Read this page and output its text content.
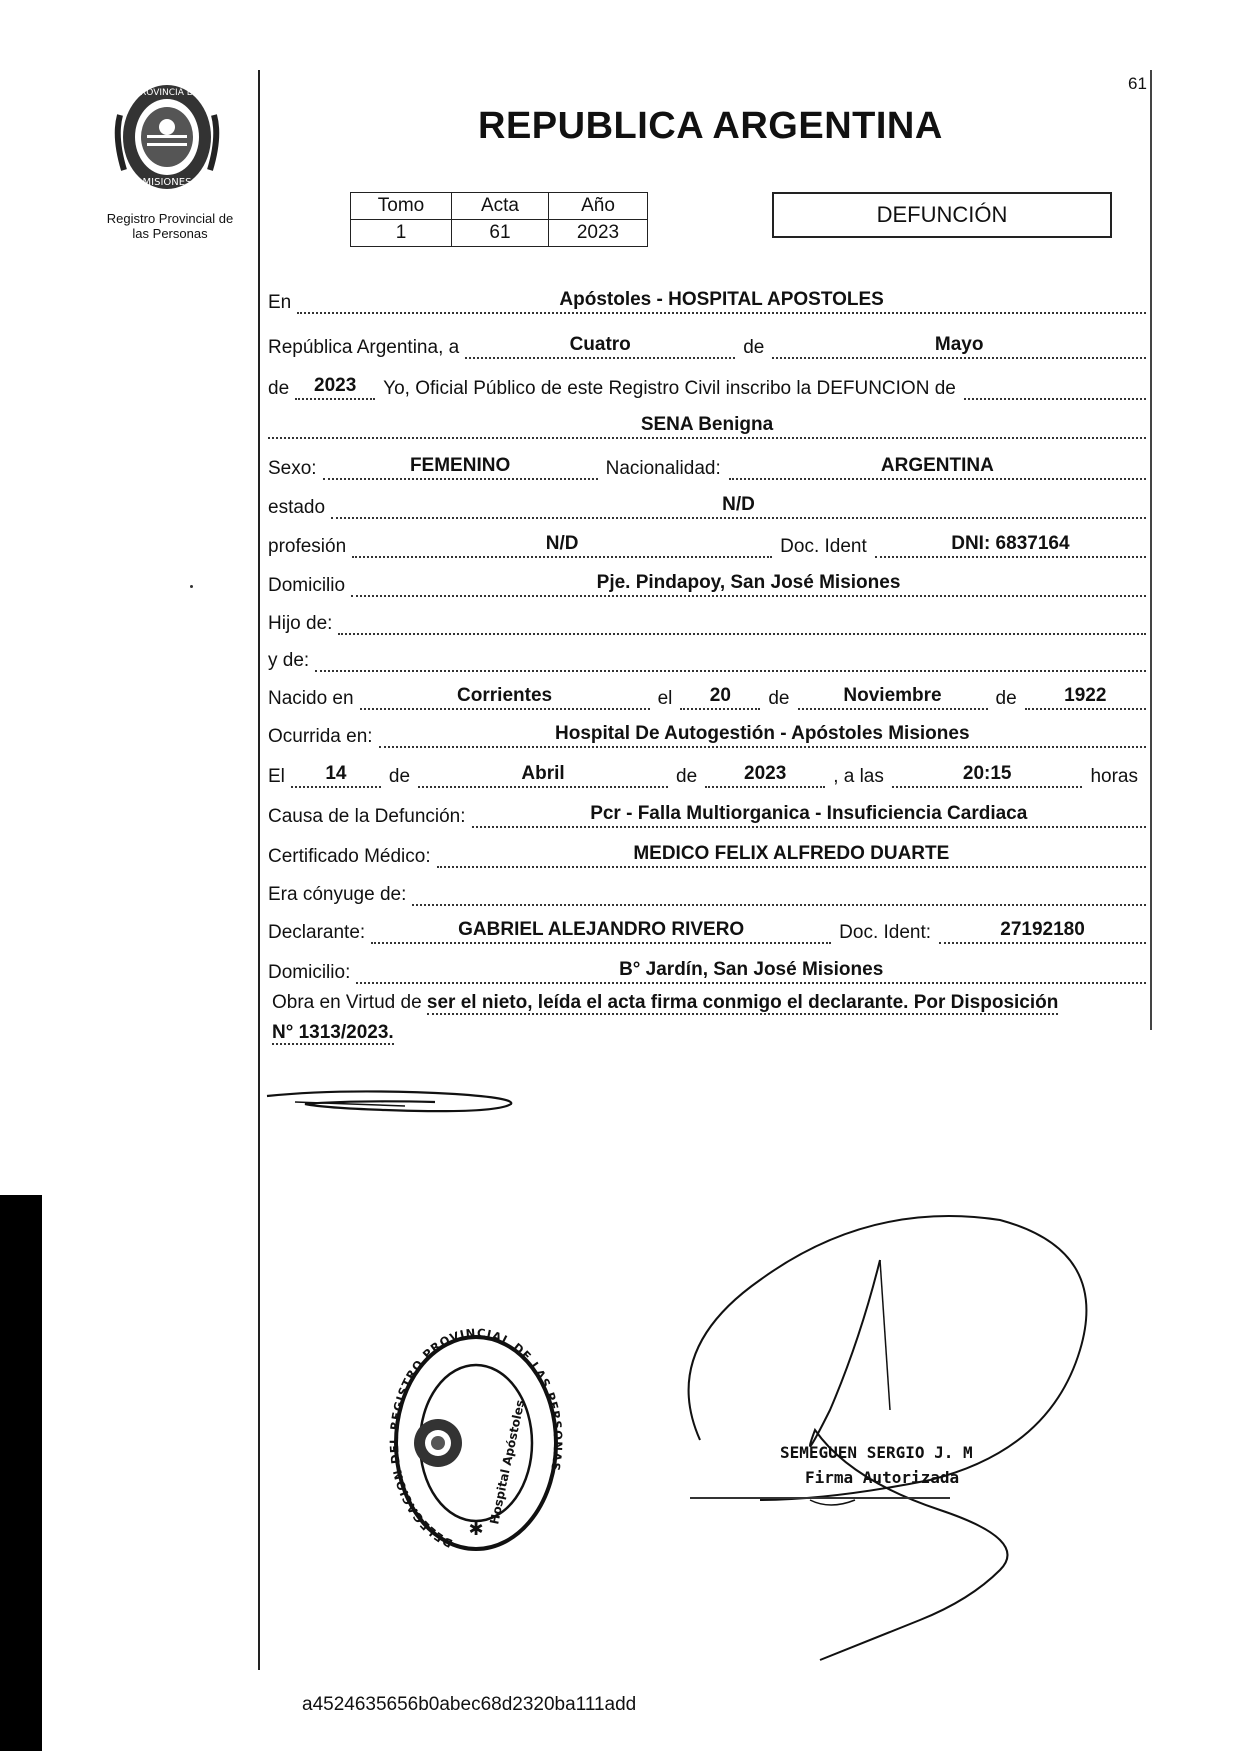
61
PROVINCIA DE
MISIONES
Registro Provincial de
las Personas
REPUBLICA ARGENTINA
Tomo	Acta	Año
1	61	2023
DEFUNCIÓN
En	Apóstoles - HOSPITAL APOSTOLES
República Argentina, a	Cuatro	de	Mayo
de	2023	Yo, Oficial Público de este Registro Civil inscribo la DEFUNCION de
SENA Benigna
Sexo:	FEMENINO	Nacionalidad:	ARGENTINA
estado	N/D
profesión	N/D	Doc. Ident	DNI: 6837164
Domicilio	Pje. Pindapoy, San José Misiones
Hijo de:
y de:
Nacido en	Corrientes	el	20	de	Noviembre	de	1922
Ocurrida en:	Hospital De Autogestión - Apóstoles Misiones
El	14	de	Abril	de	2023	, a las	20:15	horas
Causa de la Defunción:	Pcr - Falla Multiorganica - Insuficiencia Cardiaca
Certificado Médico:	MEDICO FELIX ALFREDO DUARTE
Era cónyuge de:
Declarante:	GABRIEL ALEJANDRO RIVERO	Doc. Ident:	27192180
Domicilio:	B° Jardín, San José Misiones
Obra en Virtud de ser el nieto, leída el acta firma conmigo el declarante. Por Disposición
N° 1313/2023.
DELEGACION DEL REGISTRO PROVINCIAL DE LAS PERSONAS
Hospital Apóstoles
✱
SEMEGUEN SERGIO J. M
Firma Autorizada
a4524635656b0abec68d2320ba111add
